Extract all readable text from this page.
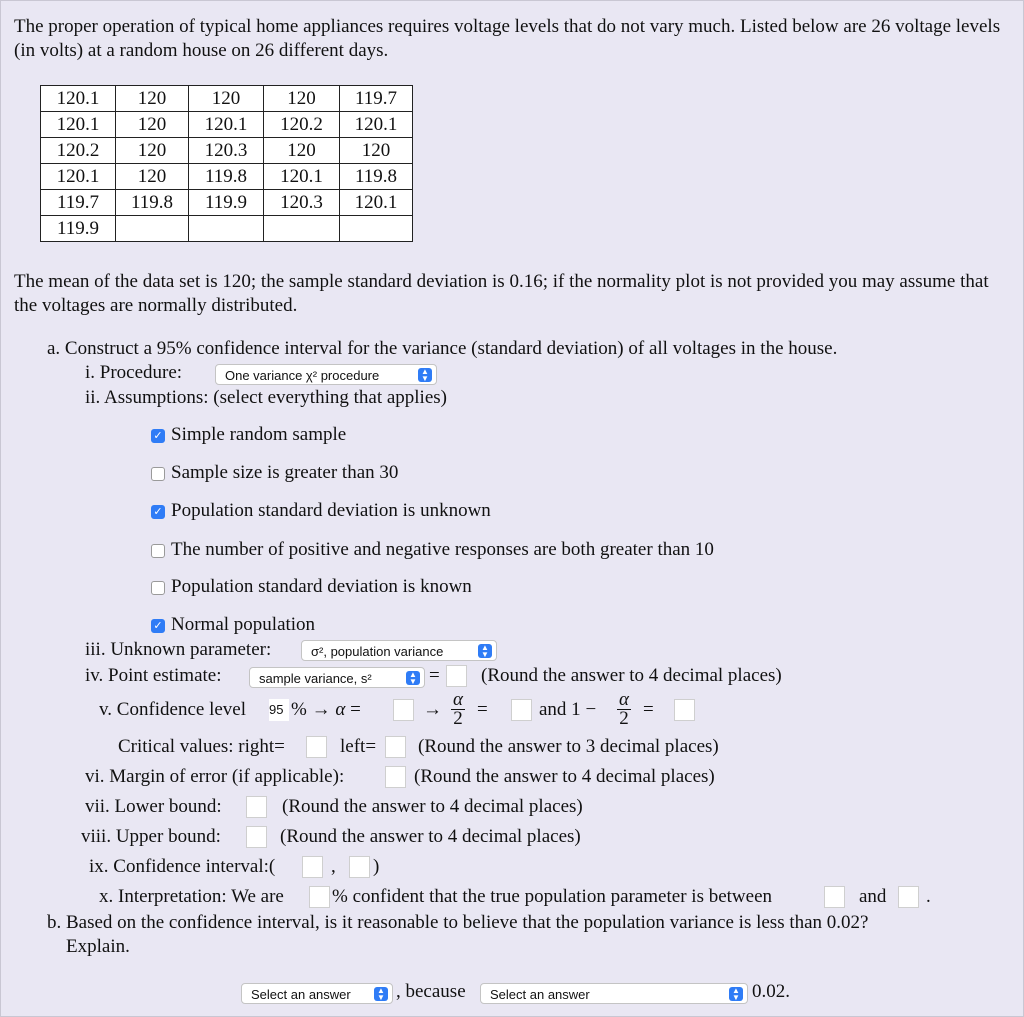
The proper operation of typical home appliances requires voltage levels that do not vary much. Listed below are 26 voltage levels (in volts) at a random house on 26 different days.
120.1	120	120	120	119.7
120.1	120	120.1	120.2	120.1
120.2	120	120.3	120	120
120.1	120	119.8	120.1	119.8
119.7	119.8	119.9	120.3	120.1
119.9				
The mean of the data set is 120; the sample standard deviation is 0.16; if the normality plot is not provided you may assume that the voltages are normally distributed.
a. Construct a 95% confidence interval for the variance (standard deviation) of all voltages in the house.
i. Procedure:	One variance χ² procedure	▲
▼
ii. Assumptions: (select everything that applies)
✓ Simple random sample
Sample size is greater than 30
✓ Population standard deviation is unknown
The number of positive and negative responses are both greater than 10
Population standard deviation is known
✓ Normal population
iii. Unknown parameter:	σ², population variance	▲
▼
iv. Point estimate:	sample variance, s²	▲
▼ = (Round the answer to 4 decimal places)
v. Confidence level 95 % → α =	→ α
2 =	and 1 − α
2 =
Critical values: right=	left= (Round the answer to 3 decimal places)
vi. Margin of error (if applicable):	(Round the answer to 4 decimal places)
vii. Lower bound:	(Round the answer to 4 decimal places)
viii. Upper bound:	(Round the answer to 4 decimal places)
ix. Confidence interval:(	, )
x. Interpretation: We are	% confident that the true population parameter is between	and .
b. Based on the confidence interval, is it reasonable to believe that the population variance is less than 0.02?
Explain.
Select an answer	▲
▼ , because	Select an answer	▲
▼ 0.02.
